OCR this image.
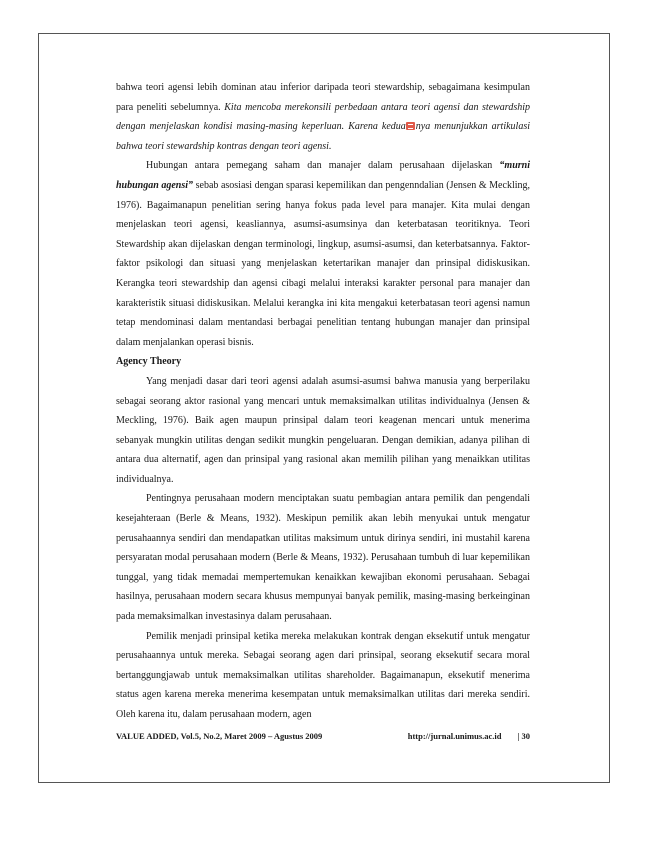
bahwa teori agensi lebih dominan atau inferior daripada teori stewardship, sebagaimana kesimpulan para peneliti sebelumnya. Kita mencoba merekonsili perbedaan antara teori agensi dan stewardship dengan menjelaskan kondisi masing-masing keperluan. Karena kedua nya menunjukkan artikulasi bahwa teori stewardship kontras dengan teori agensi.

Hubungan antara pemegang saham dan manajer dalam perusahaan dijelaskan “murni hubungan agensi” sebab asosiasi dengan sparasi kepemilikan dan pengenndalian (Jensen & Meckling, 1976). Bagaimanapun penelitian sering hanya fokus pada level para manajer. Kita mulai dengan menjelaskan teori agensi, keasliannya, asumsi-asumsinya dan keterbatasan teoritiknya. Teori Stewardship akan dijelaskan dengan terminologi, lingkup, asumsi-asumsi, dan keterbatsannya. Faktor-faktor psikologi dan situasi yang menjelaskan ketertarikan manajer dan prinsipal didiskusikan. Kerangka teori stewardship dan agensi cibagi melalui interaksi karakter personal para manajer dan karakteristik situasi didiskusikan. Melalui kerangka ini kita mengakui keterbatasan teori agensi namun tetap mendominasi dalam mentandasi berbagai penelitian tentang hubungan manajer dan prinsipal dalam menjalankan operasi bisnis.

Agency Theory

Yang menjadi dasar dari teori agensi adalah asumsi-asumsi bahwa manusia yang berperilaku sebagai seorang aktor rasional yang mencari untuk memaksimalkan utilitas individualnya (Jensen & Meckling, 1976). Baik agen maupun prinsipal dalam teori keagenan mencari untuk menerima sebanyak mungkin utilitas dengan sedikit mungkin pengeluaran. Dengan demikian, adanya pilihan di antara dua alternatif, agen dan prinsipal yang rasional akan memilih pilihan yang menaikkan utilitas individualnya.

Pentingnya perusahaan modern menciptakan suatu pembagian antara pemilik dan pengendali kesejahteraan (Berle & Means, 1932). Meskipun pemilik akan lebih menyukai untuk mengatur perusahaannya sendiri dan mendapatkan utilitas maksimum untuk dirinya sendiri, ini mustahil karena persyaratan modal perusahaan modern (Berle & Means, 1932). Perusahaan tumbuh di luar kepemilikan tunggal, yang tidak memadai mempertemukan kenaikkan kewajiban ekonomi perusahaan. Sebagai hasilnya, perusahaan modern secara khusus mempunyai banyak pemilik, masing-masing berkeinginan pada memaksimalkan investasinya dalam perusahaan.

Pemilik menjadi prinsipal ketika mereka melakukan kontrak dengan eksekutif untuk mengatur perusahaannya untuk mereka. Sebagai seorang agen dari prinsipal, seorang eksekutif secara moral bertanggungjawab untuk memaksimalkan utilitas shareholder. Bagaimanapun, eksekutif menerima status agen karena mereka menerima kesempatan untuk memaksimalkan utilitas dari mereka sendiri. Oleh karena itu, dalam perusahaan modern, agen

VALUE ADDED, Vol.5, No.2, Maret 2009 – Agustus 2009	http://jurnal.unimus.ac.id | 30
